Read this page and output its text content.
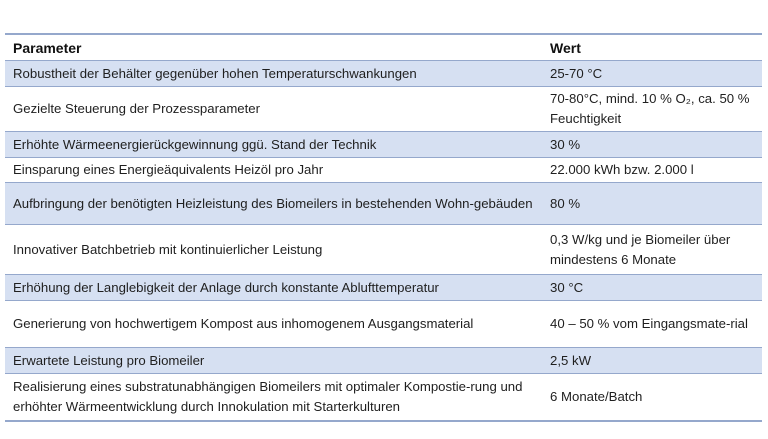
Parameter	Wert
Robustheit der Behälter gegenüber hohen Temperaturschwankungen	25-70 °C
Gezielte Steuerung der Prozessparameter	70-80°C, mind. 10 % O₂, ca. 50 % Feuchtigkeit
Erhöhte Wärmeenergierückgewinnung ggü. Stand der Technik	30 %
Einsparung eines Energieäquivalents Heizöl pro Jahr	22.000 kWh bzw. 2.000 l
Aufbringung der benötigten Heizleistung des Biomeilers in bestehenden Wohn-gebäuden	80 %
Innovativer Batchbetrieb mit kontinuierlicher Leistung	0,3 W/kg und je Biomeiler über mindestens 6 Monate
Erhöhung der Langlebigkeit der Anlage durch konstante Ablufttemperatur	30 °C
Generierung von hochwertigem Kompost aus inhomogenem Ausgangsmaterial	40 – 50 % vom Eingangsmate-rial
Erwartete Leistung pro Biomeiler	2,5 kW
Realisierung eines substratunabhängigen Biomeilers mit optimaler Kompostie-rung und erhöhter Wärmeentwicklung durch Innokulation mit Starterkulturen	6 Monate/Batch
